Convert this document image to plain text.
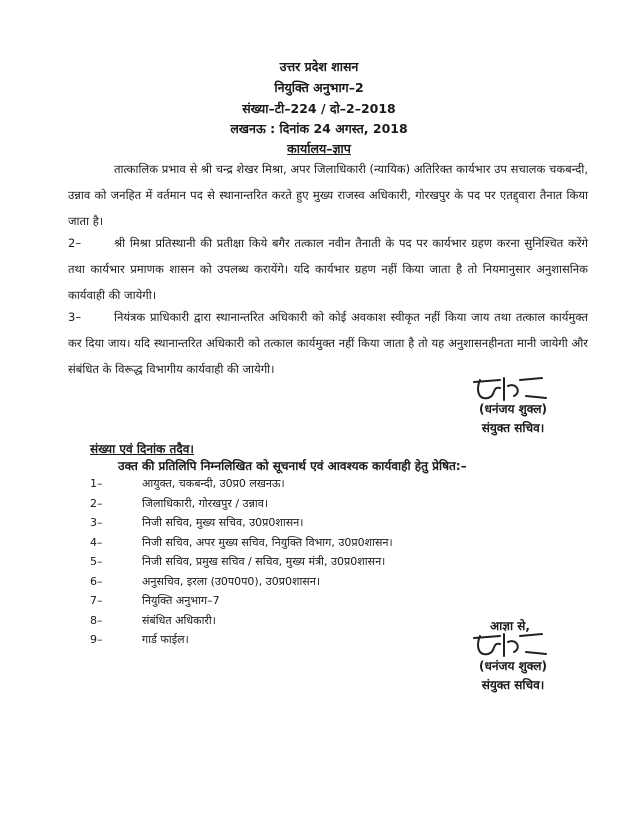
उत्तर प्रदेश शासन
नियुक्ति अनुभाग–2
संख्या–टी–224 / दो–2–2018
लखनऊ : दिनांक 24 अगस्त, 2018
कार्यालय–ज्ञाप
तात्कालिक प्रभाव से श्री चन्द्र शेखर मिश्रा, अपर जिलाधिकारी (न्यायिक) अतिरिक्त कार्यभार उप सचालक चकबन्दी, उन्नाव को जनहित में वर्तमान पद से स्थानान्तरित करते हुए मुख्य राजस्व अधिकारी, गोरखपुर के पद पर एतद्द्वारा तैनात किया जाता है।
2–	श्री मिश्रा प्रतिस्थानी की प्रतीक्षा किये बगैर तत्काल नवीन तैनाती के पद पर कार्यभार ग्रहण करना सुनिश्चित करेंगे तथा कार्यभार प्रमाणक शासन को उपलब्ध करायेंगे। यदि कार्यभार ग्रहण नहीं किया जाता है तो नियमानुसार अनुशासनिक कार्यवाही की जायेगी।
3–	नियंत्रक प्राधिकारी द्वारा स्थानान्तरित अधिकारी को कोई अवकाश स्वीकृत नहीं किया जाय तथा तत्काल कार्यमुक्त कर दिया जाय। यदि स्थानान्तरित अधिकारी को तत्काल कार्यमुक्त नहीं किया जाता है तो यह अनुशासनहीनता मानी जायेगी और संबंधित के विरूद्ध विभागीय कार्यवाही की जायेगी।
(धनंजय शुक्ल)
संयुक्त सचिव।
संख्या एवं दिनांक तदैव।
उक्त की प्रतिलिपि निम्नलिखित को सूचनार्थ एवं आवश्यक कार्यवाही हेतु प्रेषित:–
1–	आयुक्त, चकबन्दी, उ0प्र0 लखनऊ।
2–	जिलाधिकारी, गोरखपुर / उन्नाव।
3–	निजी सचिव, मुख्य सचिव, उ0प्र0शासन।
4–	निजी सचिव, अपर मुख्य सचिव, नियुक्ति विभाग, उ0प्र0शासन।
5–	निजी सचिव, प्रमुख सचिव / सचिव, मुख्य मंत्री, उ0प्र0शासन।
6–	अनुसचिव, इरला (उ0प0प0), उ0प्र0शासन।
7–	नियुक्ति अनुभाग–7
8–	संबंधित अधिकारी।
9–	गार्ड फाईल।
आज्ञा से,
(धनंजय शुक्ल)
संयुक्त सचिव।
